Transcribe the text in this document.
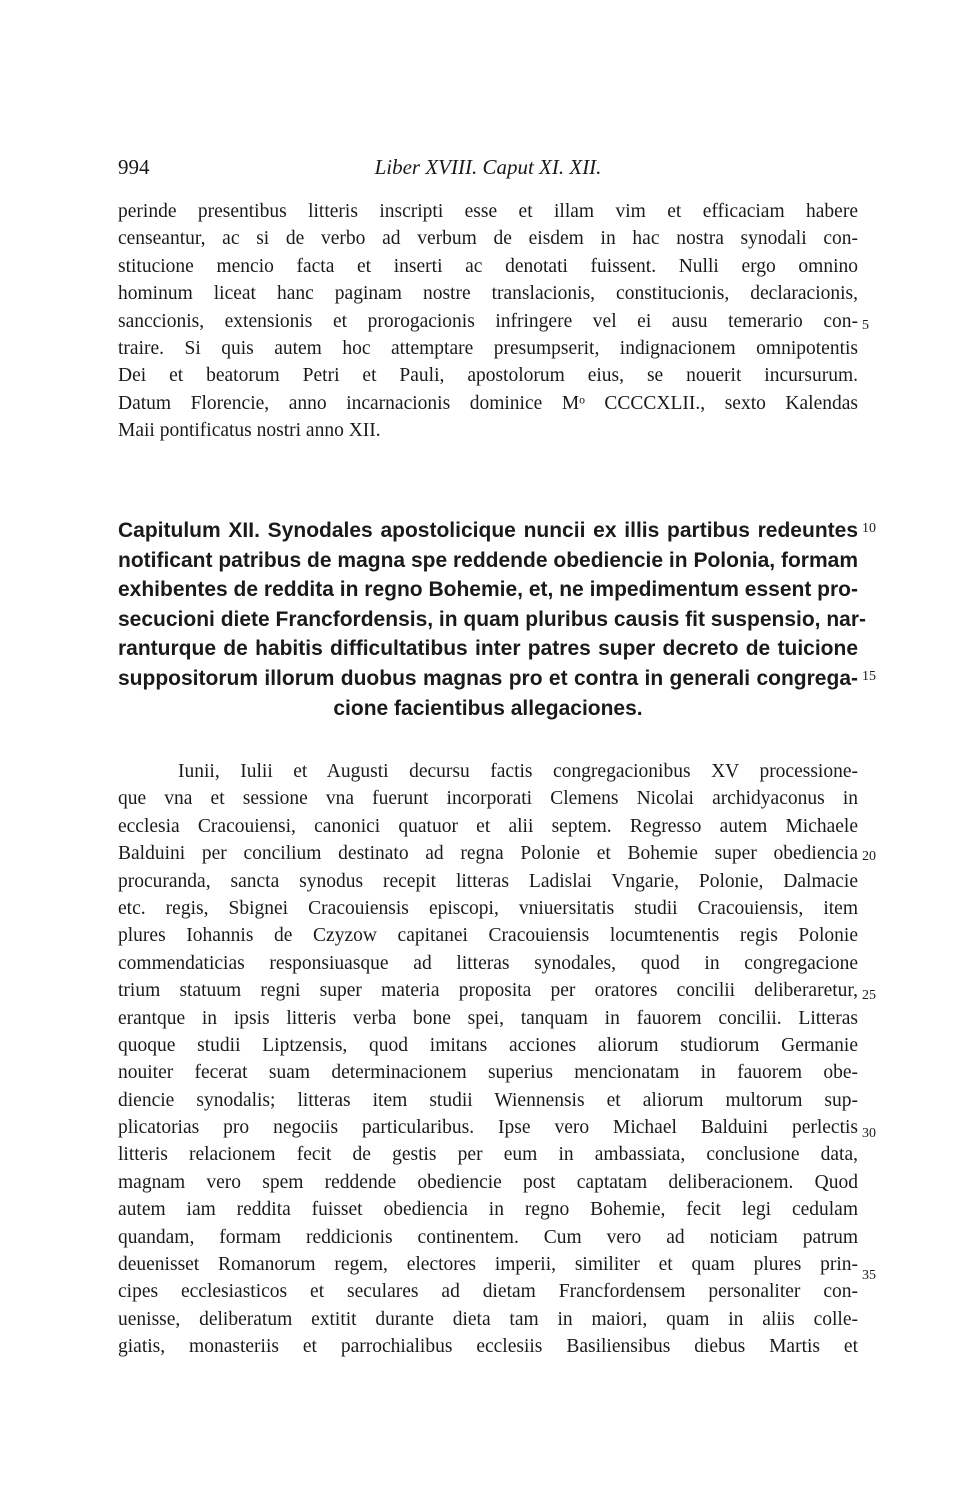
994	Liber XVIII. Caput XI. XII.
perinde presentibus litteris inscripti esse et illam vim et efficaciam habere
censeantur, ac si de verbo ad verbum de eisdem in hac nostra synodali con-
stitucione mencio facta et inserti ac denotati fuissent. Nulli ergo omnino
hominum liceat hanc paginam nostre translacionis, constitucionis, declaracionis,
sanccionis, extensionis et prorogacionis infringere vel ei ausu temerario con-
traire. Si quis autem hoc attemptare presumpserit, indignacionem omnipotentis
Dei et beatorum Petri et Pauli, apostolorum eius, se nouerit incursurum.
Datum Florencie, anno incarnacionis dominice Mᵒ CCCCXLII., sexto Kalendas
Maii pontificatus nostri anno XII.
Capitulum XII. Synodales apostolicique nuncii ex illis partibus redeuntes
notificant patribus de magna spe reddende obediencie in Polonia, formam
exhibentes de reddita in regno Bohemie, et, ne impedimentum essent pro-
secucioni diete Francfordensis, in quam pluribus causis fit suspensio, nar-
ranturque de habitis difficultatibus inter patres super decreto de tuicione
suppositorum illorum duobus magnas pro et contra in generali congrega-
cione facientibus allegaciones.
Iunii, Iulii et Augusti decursu factis congregacionibus XV processione-
que vna et sessione vna fuerunt incorporati Clemens Nicolai archidyaconus in
ecclesia Cracouiensi, canonici quatuor et alii septem. Regresso autem Michaele
Balduini per concilium destinato ad regna Polonie et Bohemie super obediencia
procuranda, sancta synodus recepit litteras Ladislai Vngarie, Polonie, Dalmacie
etc. regis, Sbignei Cracouiensis episcopi, vniuersitatis studii Cracouiensis, item
plures Iohannis de Czyzow capitanei Cracouiensis locumtenentis regis Polonie
commendaticias responsiuasque ad litteras synodales, quod in congregacione
trium statuum regni super materia proposita per oratores concilii deliberaretur,
erantque in ipsis litteris verba bone spei, tanquam in fauorem concilii. Litteras
quoque studii Liptzensis, quod imitans acciones aliorum studiorum Germanie
nouiter fecerat suam determinacionem superius mencionatam in fauorem obe-
diencie synodalis; litteras item studii Wiennensis et aliorum multorum sup-
plicatorias pro negociis particularibus. Ipse vero Michael Balduini perlectis
litteris relacionem fecit de gestis per eum in ambassiata, conclusione data,
magnam vero spem reddende obediencie post captatam deliberacionem. Quod
autem iam reddita fuisset obediencia in regno Bohemie, fecit legi cedulam
quandam, formam reddicionis continentem. Cum vero ad noticiam patrum
deuenisset Romanorum regem, electores imperii, similiter et quam plures prin-
cipes ecclesiasticos et seculares ad dietam Francfordensem personaliter con-
uenisse, deliberatum extitit durante dieta tam in maiori, quam in aliis colle-
giatis, monasteriis et parrochialibus ecclesiis Basiliensibus diebus Martis et
5
10
15
20
25
30
35
